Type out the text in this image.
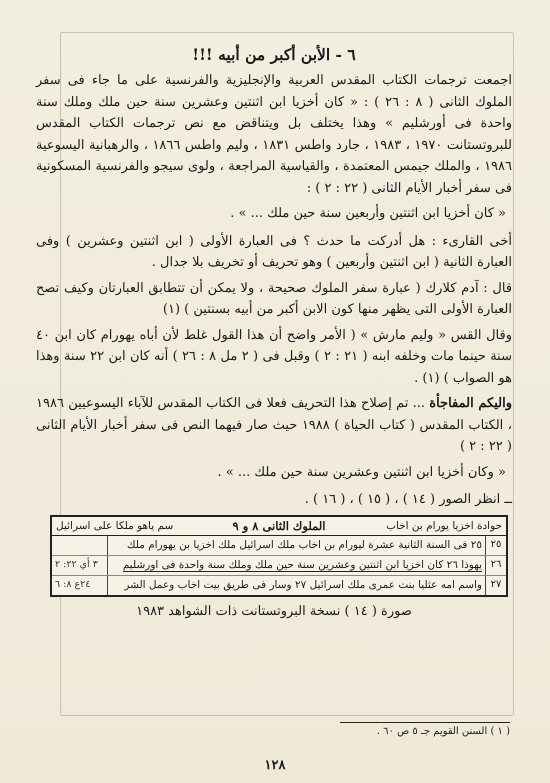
٦ - الأبن أكبر من أبيه !!!

اجمعت ترجمات الكتاب المقدس العربية والإنجليزية والفرنسية على ما جاء فى سفر الملوك الثانى ( ٨ : ٢٦ ) : « كان أخزيا ابن اثنتين وعشرين سنة حين ملك وملك سنة واحدة فى أورشليم » وهذا يختلف بل ويتناقض مع نص ترجمات الكتاب المقدس للبروتستانت ١٩٧٠ ، ١٩٨٣ ، جارد واطس ١٨٣١ ، وليم واطس ١٨٦٦ ، والرهبانية اليسوعية ١٩٨٦ ، والملك جيمس المعتمدة ، والقياسية المراجعة ، ولوى سيجو والفرنسية المسكونية فى سفر أخبار الأيام الثانى ( ٢٢ : ٢ ) :

« كان أخزيا ابن اثنتين وأربعين سنة حين ملك ... » .

أخى القارىء : هل أدركت ما حدث ؟ فى العبارة الأولى ( ابن اثنتين وعشرين ) وفى العبارة الثانية ( ابن اثنتين وأربعين ) وهو تحريف أو تخريف بلا جدال .

قال : آدم كلارك ( عبارة سفر الملوك صحيحة ، ولا يمكن أن تتطابق العبارتان وكيف تصح العبارة الأولى التى يظهر منها كون الابن أكبر من أبيه بسنتين ) (١)

وقال القس « وليم مارش » ( الأمر واضح أن هذا القول غلط لأن أباه يهورام كان ابن ٤٠ سنة حينما مات وخلفه ابنه ( ٢١ : ٢ ) وقبل فى ( ٢ مل ٨ : ٢٦ ) أنه كان ابن ٢٢ سنة وهذا هو الصواب ) (١) .

واليكم المفاجأة ... تم إصلاح هذا التحريف فعلا فى الكتاب المقدس للآباء اليسوعيين ١٩٨٦ ، الكتاب المقدس ( كتاب الحياة ) ١٩٨٨ حيث صار فيهما النص فى سفر أخبار الأيام الثانى ( ٢٢ : ٢ )

« وكان أخزيا ابن اثنتين وعشرين سنة حين ملك ... » .

ــ انظر الصور ( ١٤ ) ، ( ١٥ ) ، ( ١٦ ) .

حوادة اخزيا يورام بن اخاب
الملوك الثانى ٨ و ٩
سم ياهو ملكا على اسرائيل
٢٥
٢٥ فى السنة الثانية عشرة ليورام بن اخاب ملك اسرائيل ملك اخزيا بن يهورام ملك
٢٦
يهوذا ٢٦ كان اخزيا ابن اثنتين وعشرين سنة حين ملك وملك سنة واحدة فى اورشليم
٣ أي ٢٢: ٢
٢٧
واسم امه عثليا بنت عمرى ملك اسرائيل ٢٧ وسار فى طريق بيت اخاب وعمل الشر
٢٤ع ٨: ٦
صورة ( ١٤ ) نسخة البروتستانت ذات الشواهد ١٩٨٣
( ١ ) السنن القويم جـ ٥ ص ٦٠ .
١٢٨
